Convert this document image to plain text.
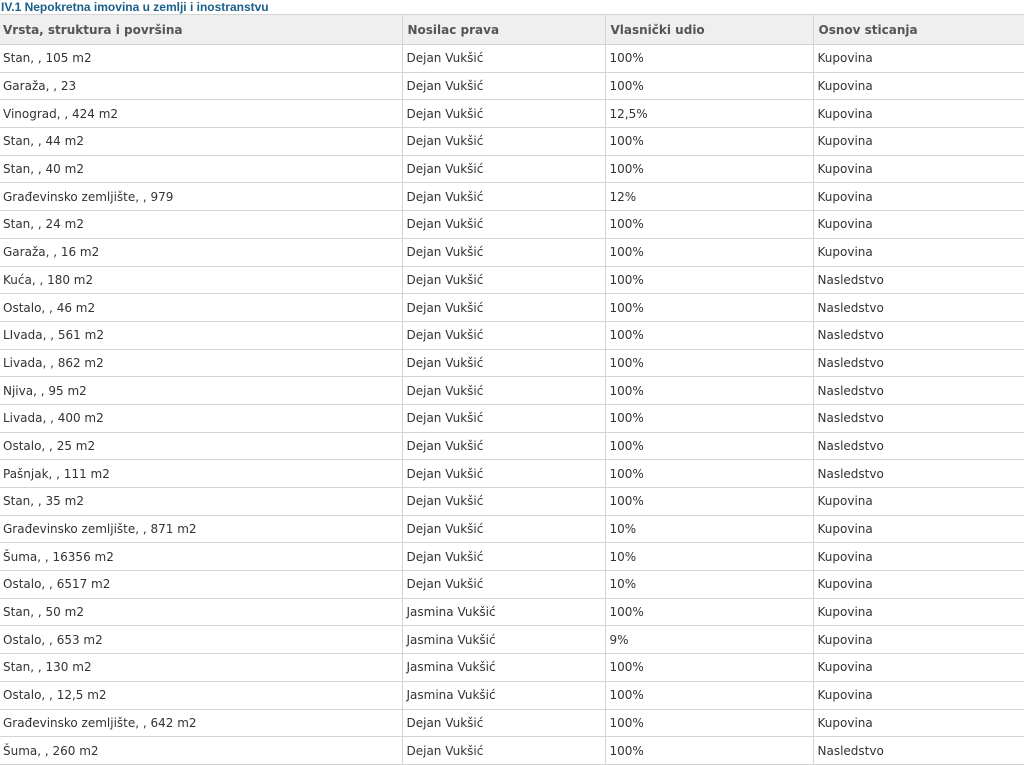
IV.1 Nepokretna imovina u zemlji i inostranstvu
Vrsta, struktura i površina	Nosilac prava	Vlasnički udio	Osnov sticanja
Stan, , 105 m2	Dejan Vukšić	100%	Kupovina
Garaža, , 23	Dejan Vukšić	100%	Kupovina
Vinograd, , 424 m2	Dejan Vukšić	12,5%	Kupovina
Stan, , 44 m2	Dejan Vukšić	100%	Kupovina
Stan, , 40 m2	Dejan Vukšić	100%	Kupovina
Građevinsko zemljište, , 979	Dejan Vukšić	12%	Kupovina
Stan, , 24 m2	Dejan Vukšić	100%	Kupovina
Garaža, , 16 m2	Dejan Vukšić	100%	Kupovina
Kuća, , 180 m2	Dejan Vukšić	100%	Nasledstvo
Ostalo, , 46 m2	Dejan Vukšić	100%	Nasledstvo
LIvada, , 561 m2	Dejan Vukšić	100%	Nasledstvo
Livada, , 862 m2	Dejan Vukšić	100%	Nasledstvo
Njiva, , 95 m2	Dejan Vukšić	100%	Nasledstvo
Livada, , 400 m2	Dejan Vukšić	100%	Nasledstvo
Ostalo, , 25 m2	Dejan Vukšić	100%	Nasledstvo
Pašnjak, , 111 m2	Dejan Vukšić	100%	Nasledstvo
Stan, , 35 m2	Dejan Vukšić	100%	Kupovina
Građevinsko zemljište, , 871 m2	Dejan Vukšić	10%	Kupovina
Šuma, , 16356 m2	Dejan Vukšić	10%	Kupovina
Ostalo, , 6517 m2	Dejan Vukšić	10%	Kupovina
Stan, , 50 m2	Jasmina Vukšić	100%	Kupovina
Ostalo, , 653 m2	Jasmina Vukšić	9%	Kupovina
Stan, , 130 m2	Jasmina Vukšić	100%	Kupovina
Ostalo, , 12,5 m2	Jasmina Vukšić	100%	Kupovina
Građevinsko zemljište, , 642 m2	Dejan Vukšić	100%	Kupovina
Šuma, , 260 m2	Dejan Vukšić	100%	Nasledstvo
